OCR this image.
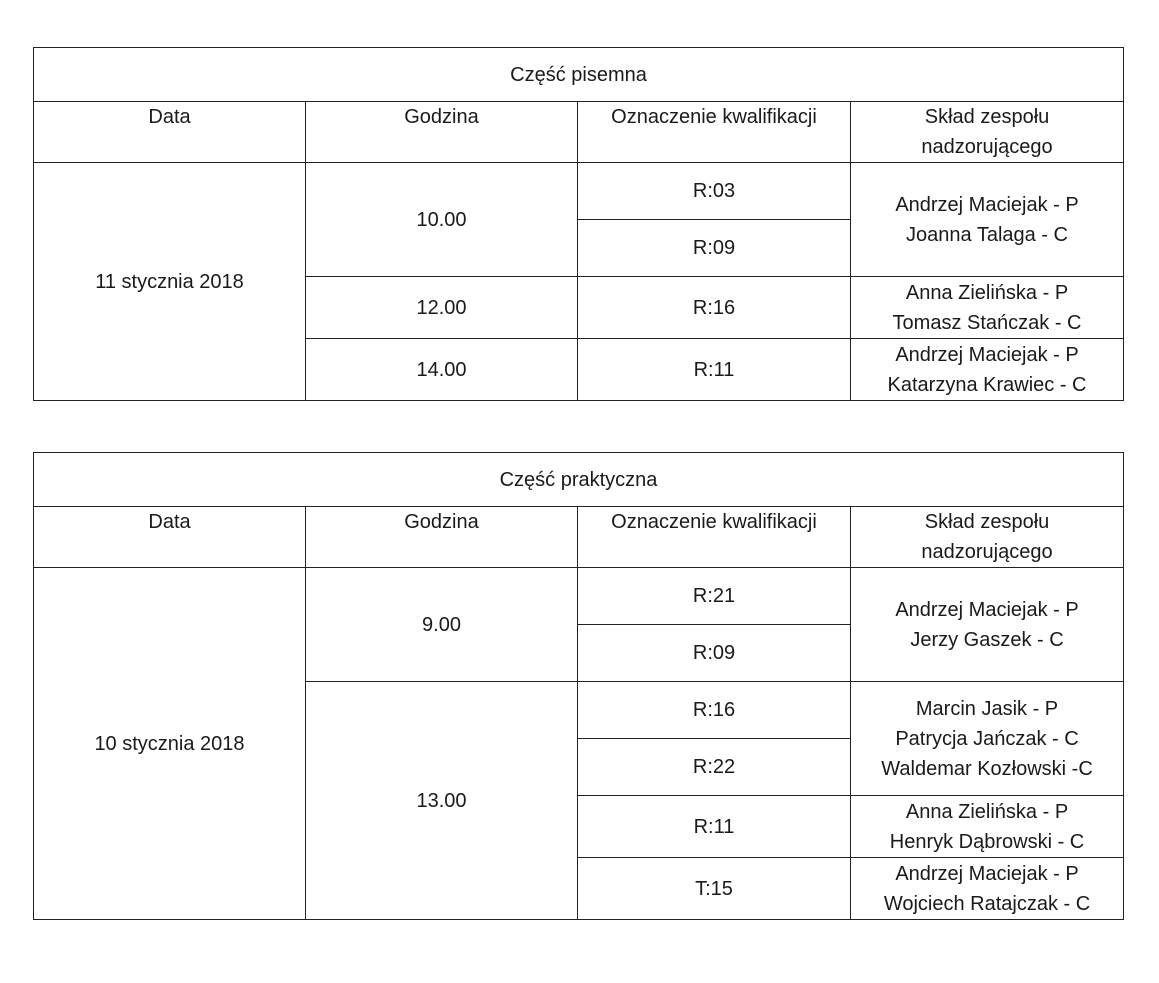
Część pisemna			
Data	Godzina	Oznaczenie kwalifikacji	Skład zespołu
nadzorującego

11 stycznia 2018	10.00	R:03	Andrzej Maciejak - P
Joanna Talaga - C

		R:09	
	12.00	R:16	Anna Zielińska - P
Tomasz Stańczak - C

	14.00	R:11	Andrzej Maciejak - P
Katarzyna Krawiec - C
Część praktyczna			
Data	Godzina	Oznaczenie kwalifikacji	Skład zespołu
nadzorującego

10 stycznia 2018	9.00	R:21	Andrzej Maciejak - P
Jerzy Gaszek - C

		R:09	
	13.00	R:16	Marcin Jasik - P
Patrycja Jańczak - C
Waldemar Kozłowski -C

		R:22	
		R:11	Anna Zielińska - P
Henryk Dąbrowski - C

		T:15	Andrzej Maciejak - P
Wojciech Ratajczak - C
